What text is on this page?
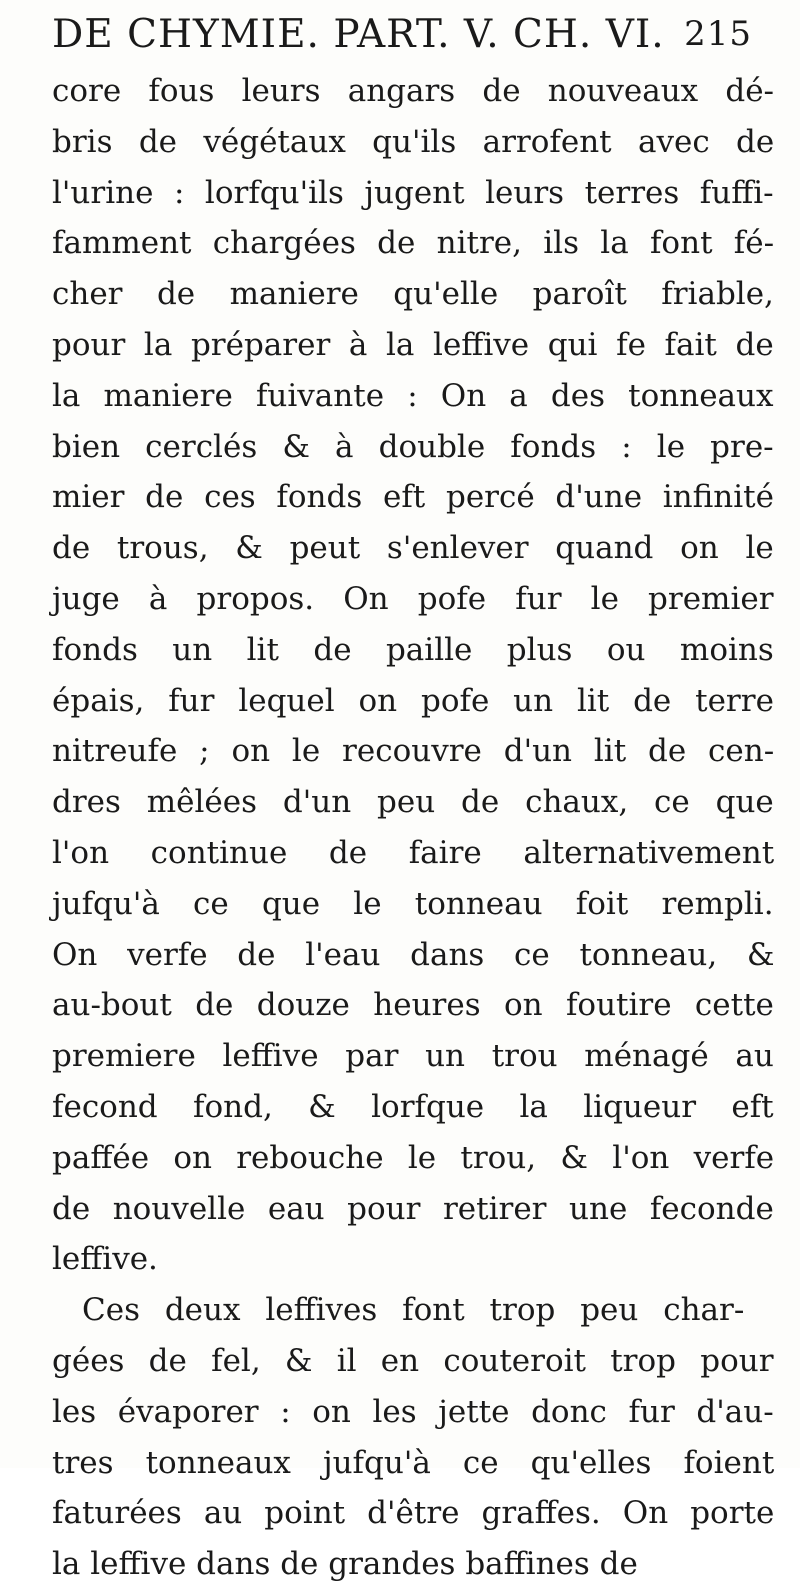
DE CHYMIE. PART. V. CH. VI. 215
core fous leurs angars de nouveaux dé-
bris de végétaux qu'ils arrofent avec de
l'urine : lorfqu'ils jugent leurs terres fuffi-
famment chargées de nitre, ils la font fé-
cher de maniere qu'elle paroît friable,
pour la préparer à la leffive qui fe fait de
la maniere fuivante : On a des tonneaux
bien cerclés & à double fonds : le pre-
mier de ces fonds eft percé d'une infinité
de trous, & peut s'enlever quand on le
juge à propos. On pofe fur le premier
fonds un lit de paille plus ou moins
épais, fur lequel on pofe un lit de terre
nitreufe ; on le recouvre d'un lit de cen-
dres mêlées d'un peu de chaux, ce que
l'on continue de faire alternativement
jufqu'à ce que le tonneau foit rempli.
On verfe de l'eau dans ce tonneau, &
au-bout de douze heures on foutire cette
premiere leffive par un trou ménagé au
fecond fond, & lorfque la liqueur eft
paffée on rebouche le trou, & l'on verfe
de nouvelle eau pour retirer une feconde
leffive.
Ces deux leffives font trop peu char-
gées de fel, & il en couteroit trop pour
les évaporer : on les jette donc fur d'au-
tres tonneaux jufqu'à ce qu'elles foient
faturées au point d'être graffes. On porte
la leffive dans de grandes baffines de
